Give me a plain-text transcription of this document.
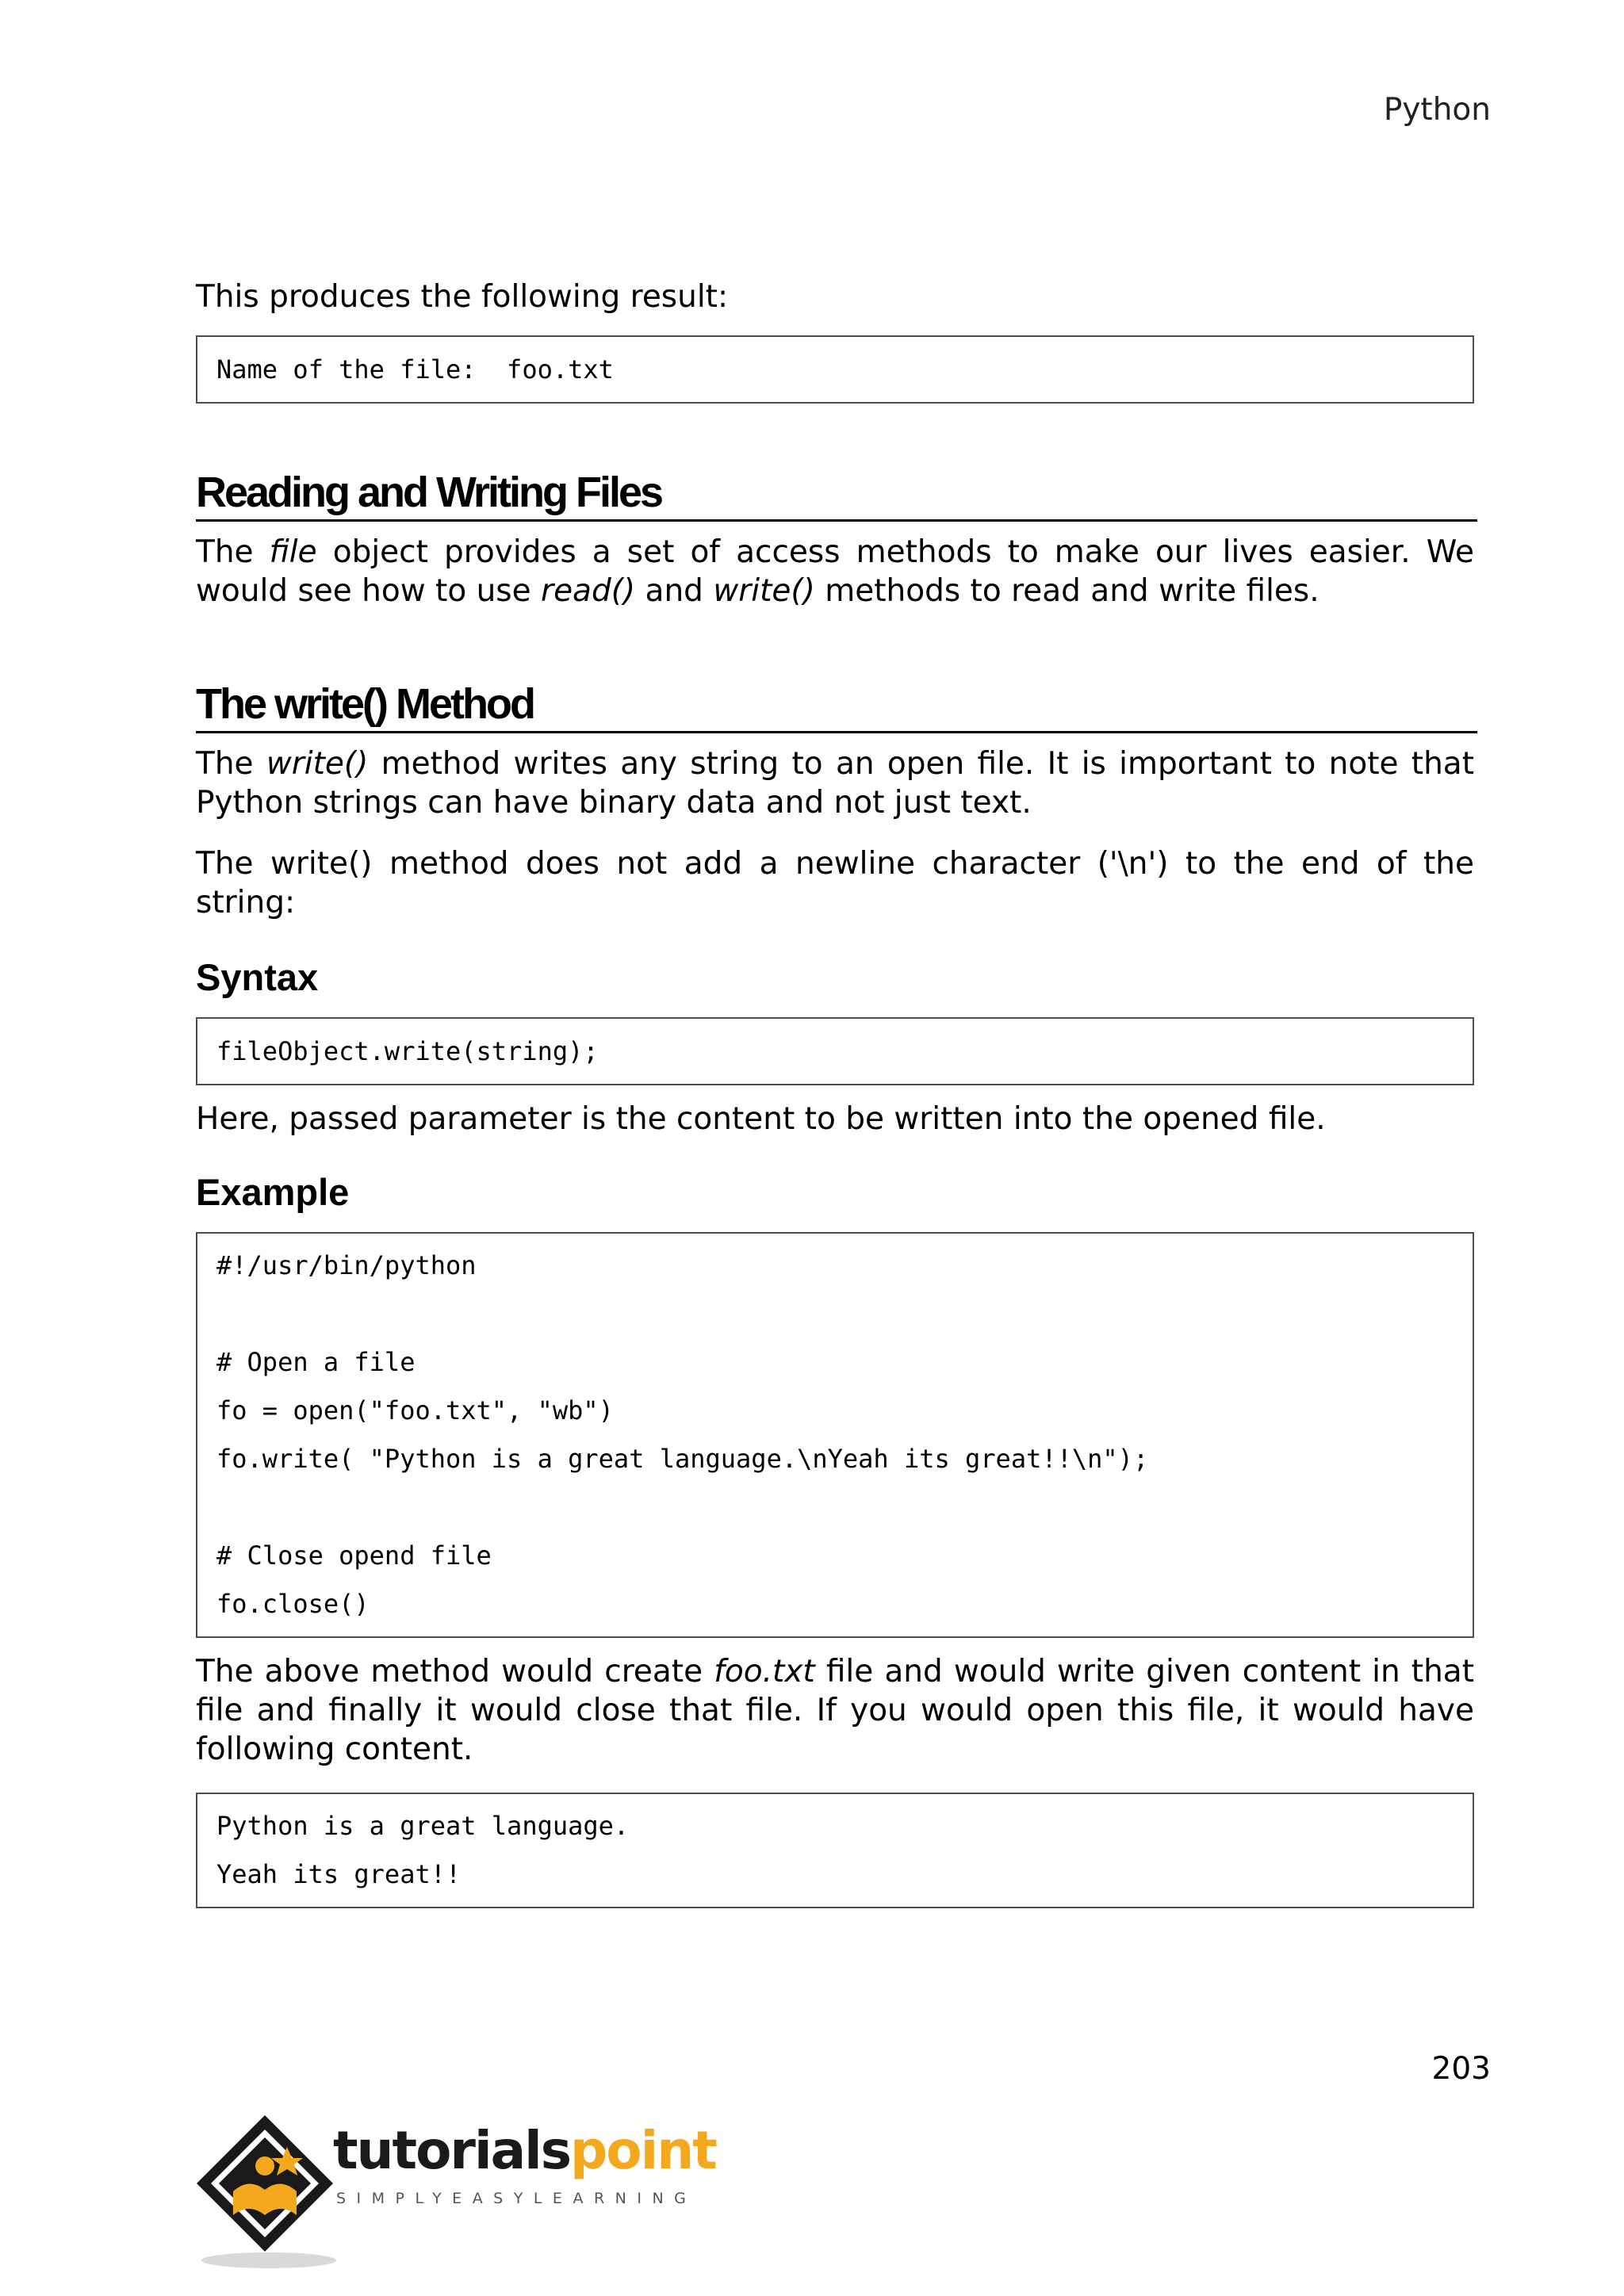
Python

This produces the following result:

Name of the file:  foo.txt
Reading and Writing Files

The file object provides a set of access methods to make our lives easier. We would see how to use read() and write() methods to read and write files.

The write() Method

The write() method writes any string to an open file. It is important to note that Python strings can have binary data and not just text.

The write() method does not add a newline character ('\n') to the end of the string:

Syntax
fileObject.write(string);

Here, passed parameter is the content to be written into the opened file.

Example
#!/usr/bin/python
# Open a file
fo = open("foo.txt", "wb")
fo.write( "Python is a great language.\nYeah its great!!\n");
# Close opend file
fo.close()

The above method would create foo.txt file and would write given content in that file and finally it would close that file. If you would open this file, it would have following content.

Python is a great language.
Yeah its great!!
203
tutorialspoint
SIMPLYEASYLEARNING
